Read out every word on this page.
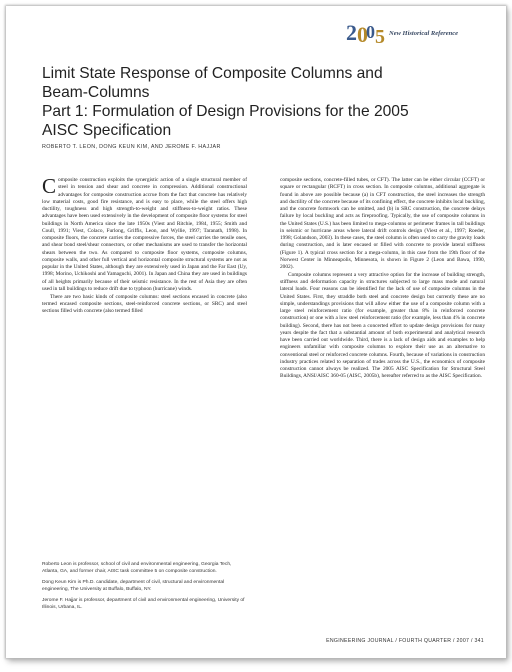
2 0
0 5 New Historical Reference
Limit State Response of Composite Columns and
Beam-Columns
Part 1: Formulation of Design Provisions for the 2005
AISC Specification
ROBERTO T. LEON, DONG KEUN KIM, AND JEROME F. HAJJAR

Composite construction exploits the synergistic action of a single structural member of steel in tension and shear and concrete in compression. Additional constructional advantages for composite construction accrue from the fact that concrete has relatively low material costs, good fire resistance, and is easy to place, while the steel offers high ductility, toughness and high strength-to-weight and stiffness-to-weight ratios. These advantages have been used extensively in the development of composite floor systems for steel buildings in North America since the late 1950s (Viest and Ritchie, 1984, 1955; Smith and Coull, 1991; Viest, Colaco, Furlong, Griffis, Leon, and Wyllie, 1997; Taranath, 1998). In composite floors, the concrete carries the compressive forces, the steel carries the tensile ones, and shear bond steel/shear connectors, or other mechanisms are used to transfer the horizontal shears between the two. As compared to composite floor systems, composite columns, composite walls, and other full vertical and horizontal composite structural systems are not as popular in the United States, although they are extensively used in Japan and the Far East (Uy, 1998; Morino, Uchikoshi and Yamaguchi, 2001). In Japan and China they are used in buildings of all heights primarily because of their seismic resistance. In the rest of Asia they are often used in tall buildings to reduce drift due to typhoon (hurricane) winds.

There are two basic kinds of composite columns: steel sections encased in concrete (also termed encased composite sections, steel-reinforced concrete sections, or SRC) and steel sections filled with concrete (also termed filled

composite sections, concrete-filled tubes, or CFT). The latter can be either circular (CCFT) or square or rectangular (RCFT) in cross section. In composite columns, additional aggregate is found in above are possible because (a) in CFT construction, the steel increases the strength and ductility of the concrete because of its confining effect, the concrete inhibits local buckling, and the concrete formwork can be omitted, and (b) in SRC construction, the concrete delays failure by local buckling and acts as fireproofing. Typically, the use of composite columns in the United States (U.S.) has been limited to mega-columns or perimeter frames in tall buildings in seismic or hurricane areas where lateral drift controls design (Viest et al., 1997; Roeder, 1998; Golandson, 2003). In these cases, the steel column is often used to carry the gravity loads during construction, and is later encased or filled with concrete to provide lateral stiffness (Figure 1). A typical cross section for a mega-column, in this case from the 19th floor of the Norwest Center in Minneapolis, Minnesota, is shown in Figure 2 (Leon and Bawa, 1990, 2002).

Composite columns represent a very attractive option for the increase of building strength, stiffness and deformation capacity in structures subjected to large mass mode and natural lateral loads. Four reasons can be identified for the lack of use of composite columns in the United States. First, they straddle both steel and concrete design but currently these are no simple, understandings provisions that will allow either the use of a composite column with a large steel reinforcement ratio (for example, greater than 8% in reinforced concrete construction) or one with a low steel reinforcement ratio (for example, less than 4% in concrete building). Second, there has not been a concerted effort to update design provisions for many years despite the fact that a substantial amount of both experimental and analytical research have been carried out worldwide. Third, there is a lack of design aids and examples to help engineers unfamiliar with composite columns to explore their use as an alternative to conventional steel or reinforced concrete columns. Fourth, because of variations in construction industry practices related to separation of trades across the U.S., the economics of composite construction cannot always be realized. The 2005 AISC Specification for Structural Steel Buildings, ANSI/AISC 360-05 (AISC, 2005b), hereafter referred to as the AISC Specification.

Roberto Leon is professor, school of civil and environmental engineering, Georgia Tech, Atlanta, GA, and former chair, AISC task committee 5 on composite construction.

Dong Keun Kim is Ph.D. candidate, department of civil, structural and environmental engineering, The University at Buffalo, Buffalo, NY.

Jerome F. Hajjar is professor, department of civil and environmental engineering, University of Illinois, Urbana, IL.

ENGINEERING JOURNAL / FOURTH QUARTER / 2007 / 341
